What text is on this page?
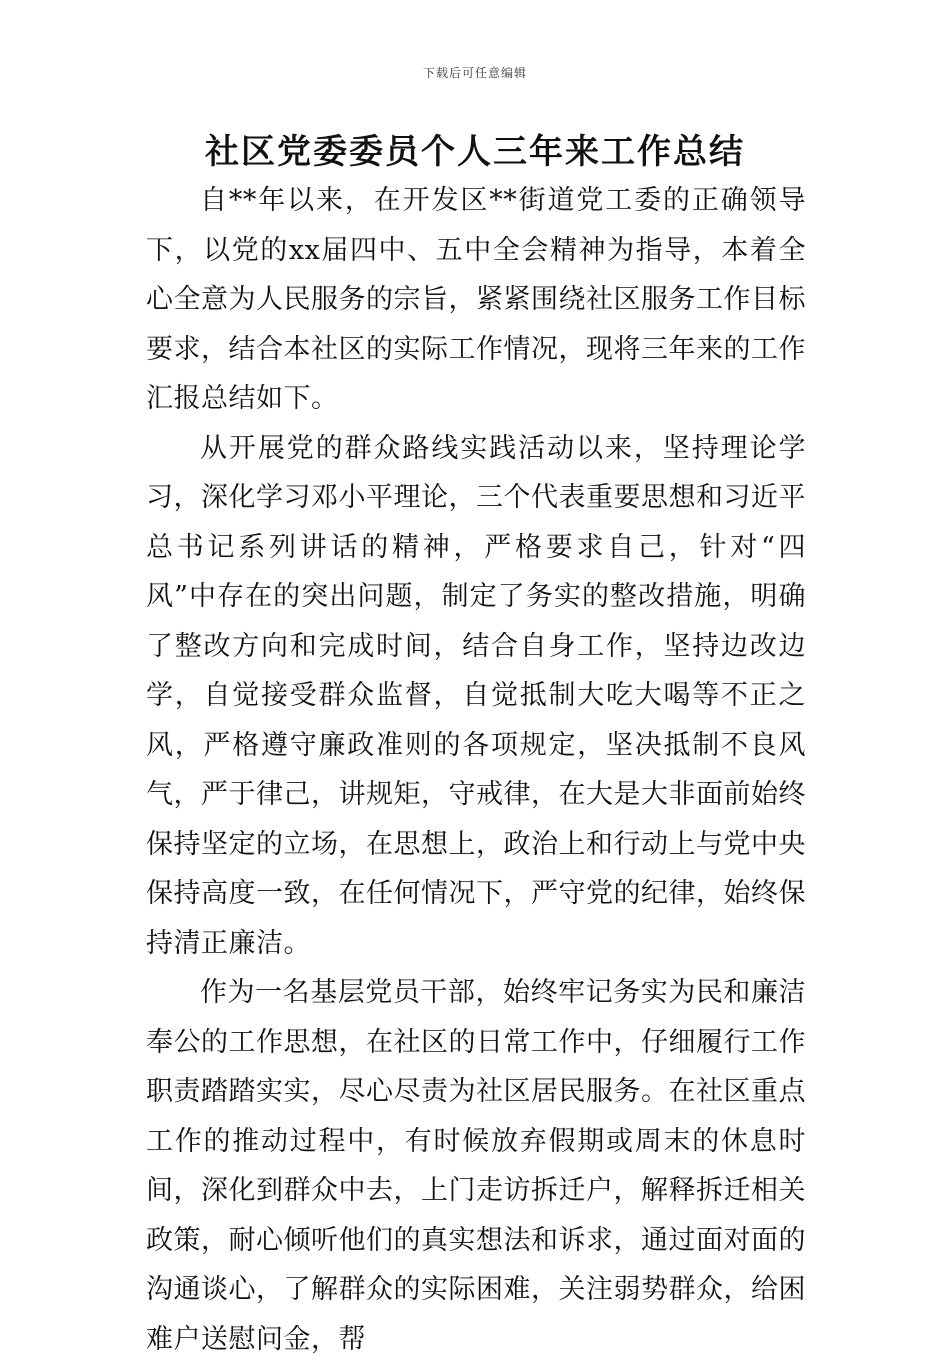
下载后可任意编辑
社区党委委员个人三年来工作总结

自**年以来，在开发区**街道党工委的正确领导下，以党的xx届四中、五中全会精神为指导，本着全心全意为人民服务的宗旨，紧紧围绕社区服务工作目标要求，结合本社区的实际工作情况，现将三年来的工作汇报总结如下。

从开展党的群众路线实践活动以来，坚持理论学习，深化学习邓小平理论，三个代表重要思想和习近平总书记系列讲话的精神，严格要求自己，针对“四风”中存在的突出问题，制定了务实的整改措施，明确了整改方向和完成时间，结合自身工作，坚持边改边学，自觉接受群众监督，自觉抵制大吃大喝等不正之风，严格遵守廉政准则的各项规定，坚决抵制不良风气，严于律己，讲规矩，守戒律，在大是大非面前始终保持坚定的立场，在思想上，政治上和行动上与党中央保持高度一致，在任何情况下，严守党的纪律，始终保持清正廉洁。

作为一名基层党员干部，始终牢记务实为民和廉洁奉公的工作思想，在社区的日常工作中，仔细履行工作职责踏踏实实，尽心尽责为社区居民服务。在社区重点工作的推动过程中，有时候放弃假期或周末的休息时间，深化到群众中去，上门走访拆迁户，解释拆迁相关政策，耐心倾听他们的真实想法和诉求，通过面对面的沟通谈心，了解群众的实际困难，关注弱势群众，给困难户送慰问金，帮
